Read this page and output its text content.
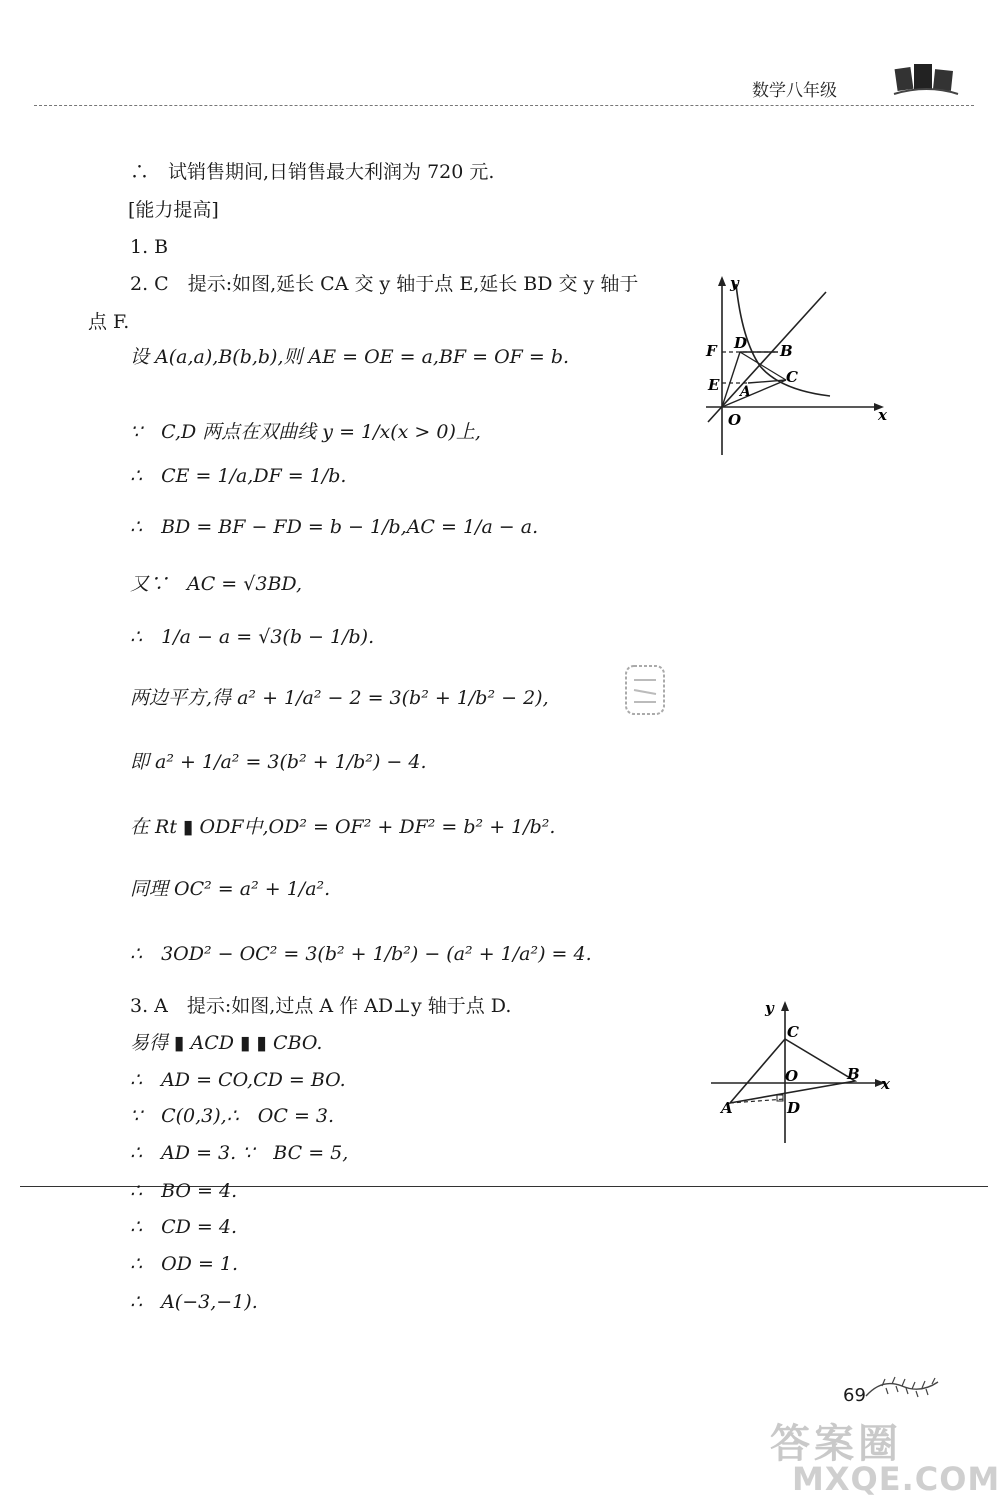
数学八年级
∴　试销售期间,日销售最大利润为 720 元.
[能力提高]
1. B
2. C　提示:如图,延长 CA 交 y 轴于点 E,延长 BD 交 y 轴于
点 F.
设 A(a,a),B(b,b),则 AE = OE = a,BF = OF = b.
∵　C,D 两点在双曲线 y = 1/x(x > 0)上,
∴　CE = 1/a,DF = 1/b.
∴　BD = BF − FD = b − 1/b,AC = 1/a − a.
又∵　AC = √3BD,
∴　1/a − a = √3(b − 1/b).
两边平方,得 a² + 1/a² − 2 = 3(b² + 1/b² − 2),
即 a² + 1/a² = 3(b² + 1/b²) − 4.
在 Rt ▮ ODF中,OD² = OF² + DF² = b² + 1/b².
同理 OC² = a² + 1/a².
∴　3OD² − OC² = 3(b² + 1/b²) − (a² + 1/a²) = 4.
3. A　提示:如图,过点 A 作 AD⊥y 轴于点 D.
易得 ▮ ACD ▮ ▮ CBO.
∴　AD = CO,CD = BO.
∵　C(0,3),∴　OC = 3.
∴　AD = 3. ∵　BC = 5,
∴　BO = 4.
∴　CD = 4.
∴　OD = 1.
∴　A(−3,−1).
y
x
O
F D B
E A
C
y
x
C
O	B
A	D
69
答案圈
MXQE.COM
